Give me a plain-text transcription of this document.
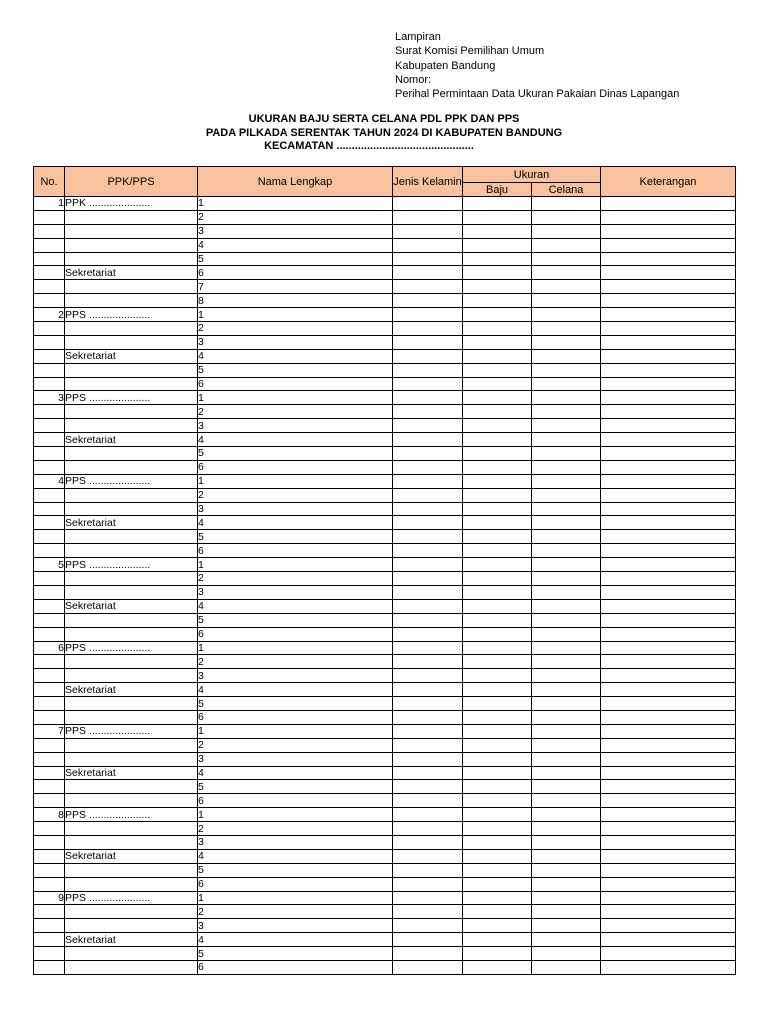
Lampiran
Surat Komisi Pemilihan Umum
Kabupaten Bandung
Nomor:
Perihal Permintaan Data Ukuran Pakaian Dinas Lapangan
UKURAN BAJU SERTA CELANA PDL PPK DAN PPS
PADA PILKADA SERENTAK TAHUN 2024 DI KABUPATEN BANDUNG
KECAMATAN .............................................
No.	PPK/PPS	Nama Lengkap	Jenis Kelamin	Ukuran		Keterangan
				Baju	Celana	
1	PPK .....................	1				
		2				
		3				
		4				
		5				
	Sekretariat	6				
		7				
		8				
2	PPS .....................	1				
		2				
		3				
	Sekretariat	4				
		5				
		6				
3	PPS .....................	1				
		2				
		3				
	Sekretariat	4				
		5				
		6				
4	PPS .....................	1				
		2				
		3				
	Sekretariat	4				
		5				
		6				
5	PPS .....................	1				
		2				
		3				
	Sekretariat	4				
		5				
		6				
6	PPS .....................	1				
		2				
		3				
	Sekretariat	4				
		5				
		6				
7	PPS .....................	1				
		2				
		3				
	Sekretariat	4				
		5				
		6				
8	PPS .....................	1				
		2				
		3				
	Sekretariat	4				
		5				
		6				
9	PPS .....................	1				
		2				
		3				
	Sekretariat	4				
		5				
		6				
